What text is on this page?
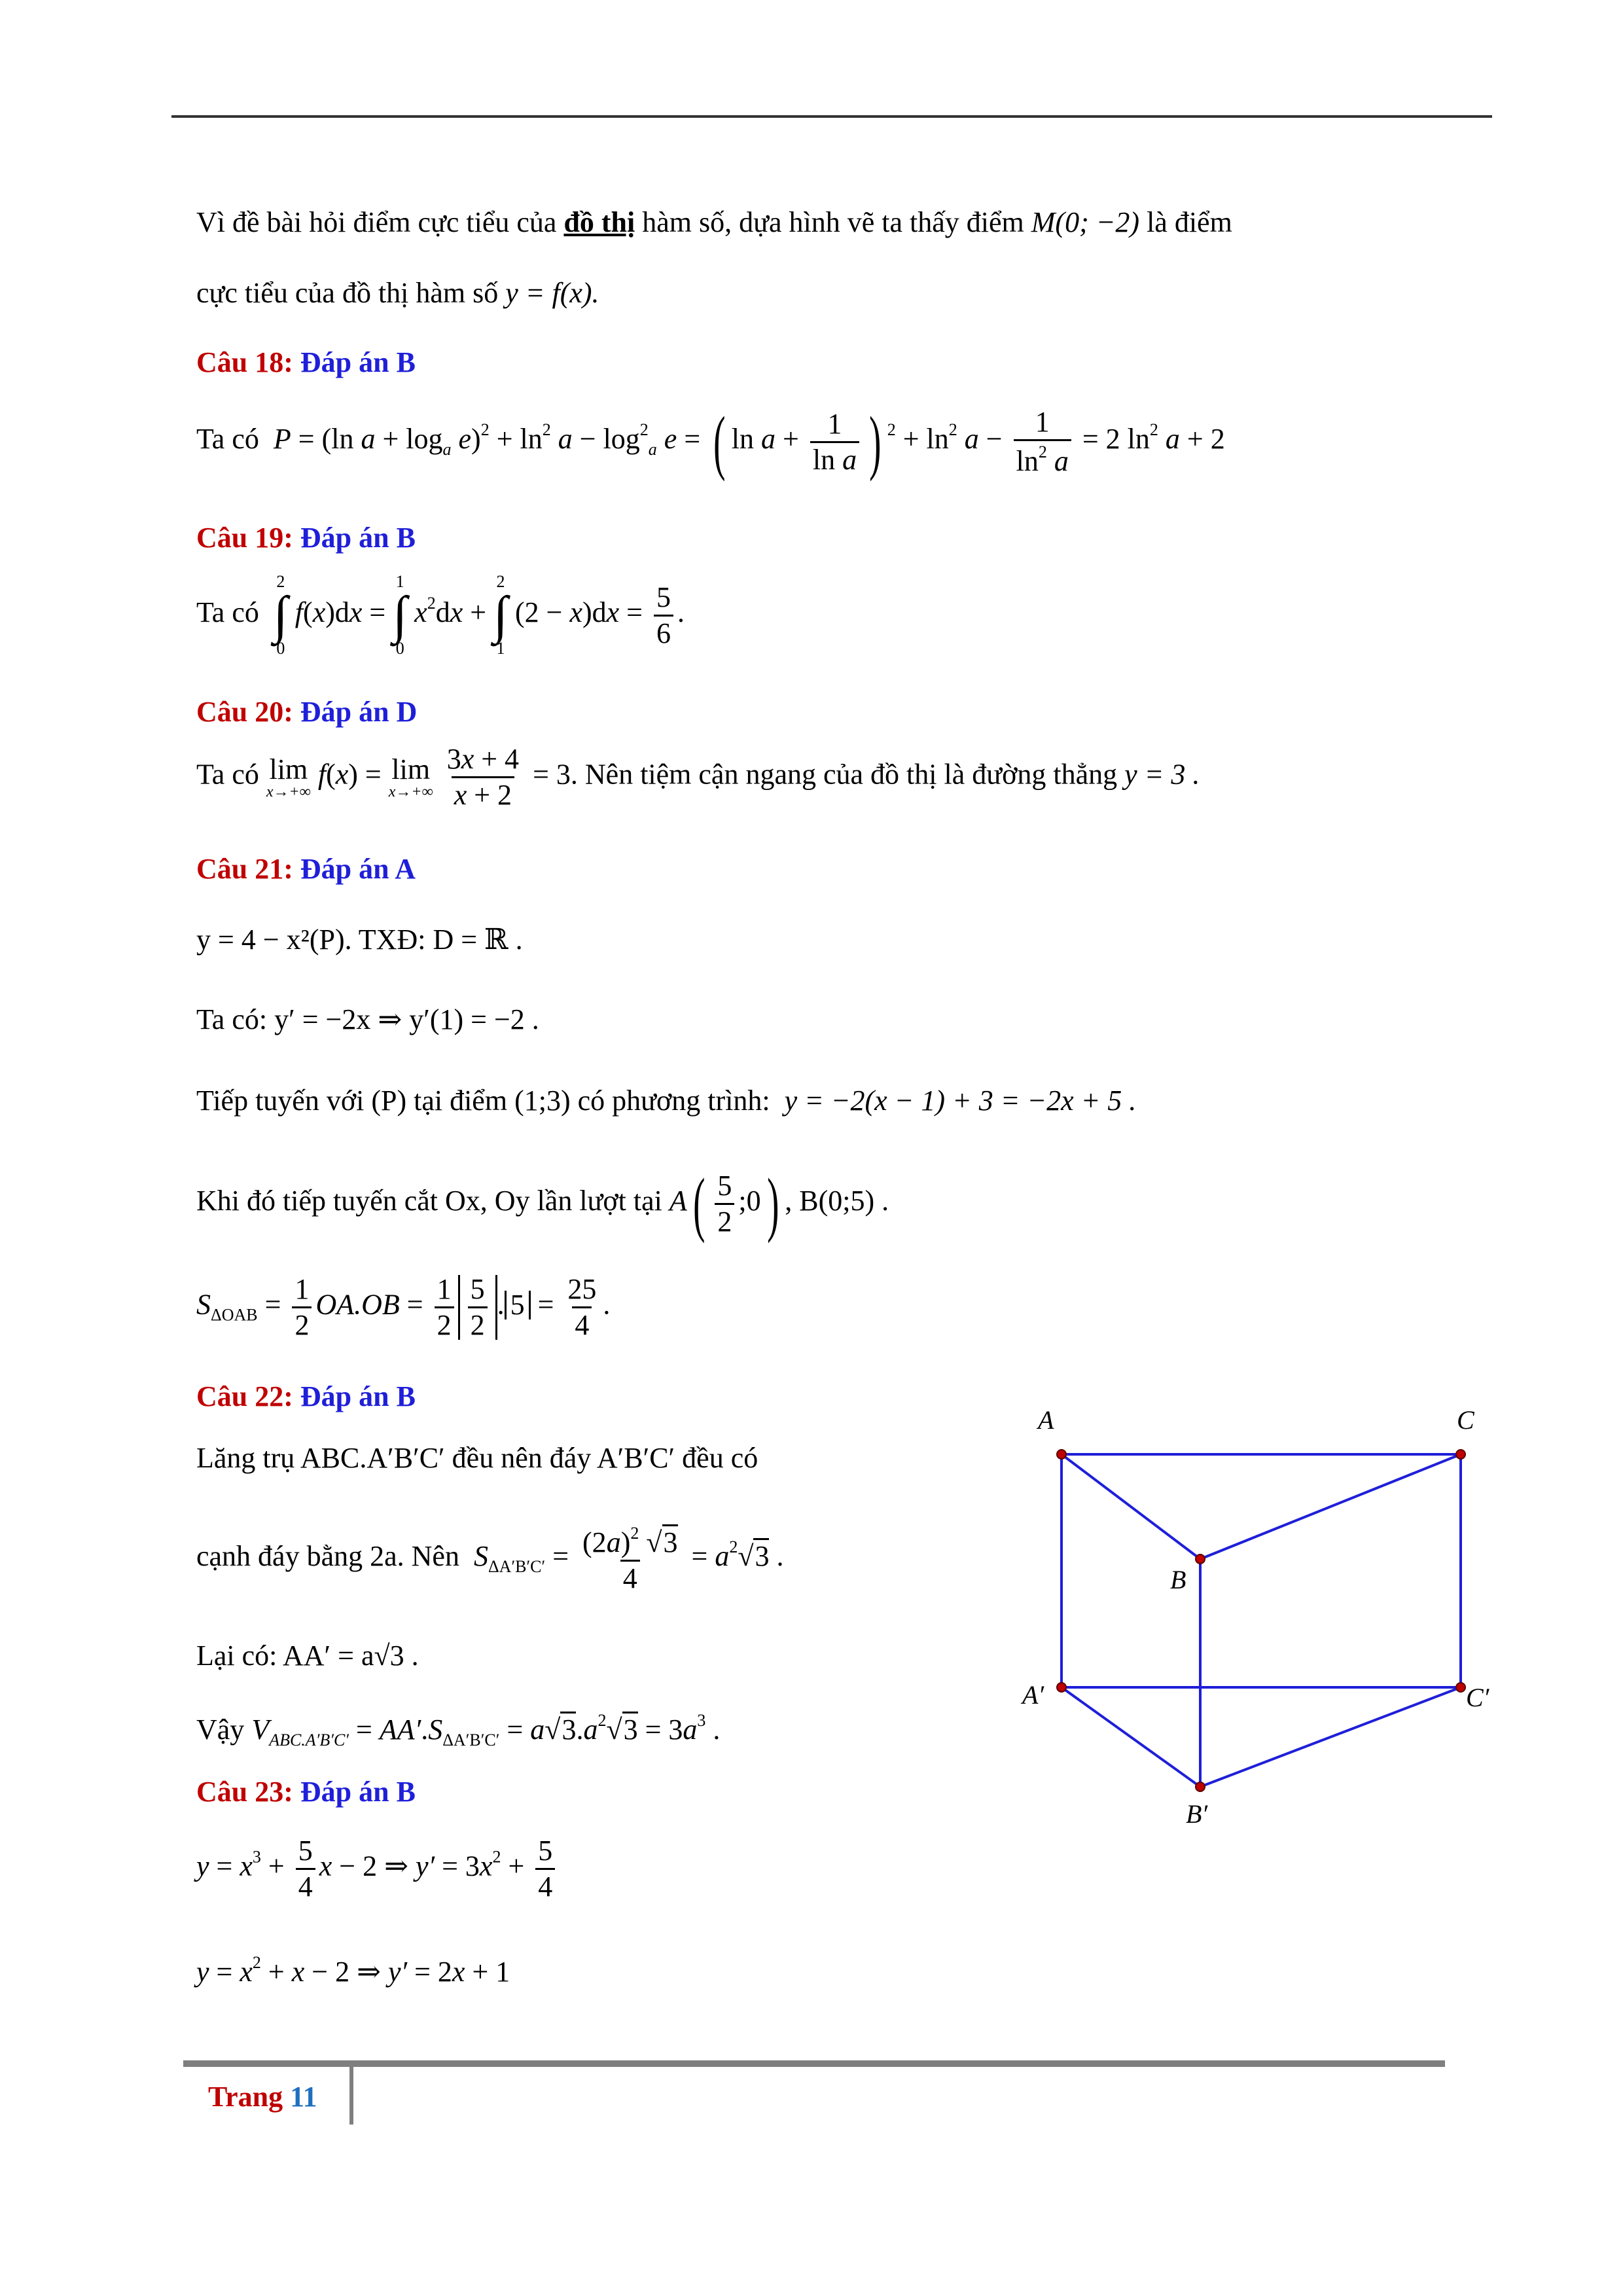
Vì đề bài hỏi điểm cực tiểu của đồ thị hàm số, dựa hình vẽ ta thấy điểm M(0; −2) là điểm
cực tiểu của đồ thị hàm số y = f(x).
Câu 18: Đáp án B
Ta có P = (ln $a + \log_a e)^2 + \ln^2 a - \log^2_a e$ = ( $\ln a + \frac{1}{\text{ln a}}$ ) $^2 + \ln^2 a - \frac{1}{\ln^2 a} = 2$ $\ln^2 a + 2$
Câu 19: Đáp án B
Ta có
2
∫
0
f(x)dx =
1
∫
0
$x^2dx$ +
2
∫
1
$(2 - x)dx = \frac{5}{6}$ .
Câu 20: Đáp án D
Ta có lim
x→+∞
f(x) = lim
x→+∞
$\frac{3x + 4}{x + 2} = 3$. Nên tiệm cận ngang của đồ thị là đường thẳng y = 3 .
Câu 21: Đáp án A
y = 4 − x²(P). TXĐ: D = ℝ .
Ta có: y′ = −2x ⇒ y′(1) = −2 .
Tiếp tuyến với (P) tại điểm (1;3) có phương trình: y = −2(x − 1) + 3 = −2x + 5 .
Khi đó tiếp tuyến cắt Ox, Oy lần lượt tại $A( \frac{5}{2}$ ;0) , B(0;5) .
$S_{\Delta OAB} = \frac{1}{2} OA.OB = \frac{1}{2} \frac{5}{2}$ . $5 = \frac{25}{4}$ .
Câu 22: Đáp án B
Lăng trụ ABC.A′B′C′ đều nên đáy A′B′C′ đều có
cạnh đáy bằng 2a. Nên $S_{\Delta A'B'C'} = \frac{(2a)^2 √3}{4} = a^2√3$ .
Lại có: AA′ = a√3 .
Vậy $V_{ABC.A'B'C'} = AA'.S_{\Delta A'B'C'} = a√3.a^2√3 = 3a^3$ .
Câu 23: Đáp án B
$y = x^3 + \frac{5}{4}$ x − 2 ⇒ $y' = 3x^2 + \frac{5}{4}$
$y = x^2 + x - 2$ ⇒ y′ = 2x + 1
A	C
B
A′	C′
B′
Trang 11
